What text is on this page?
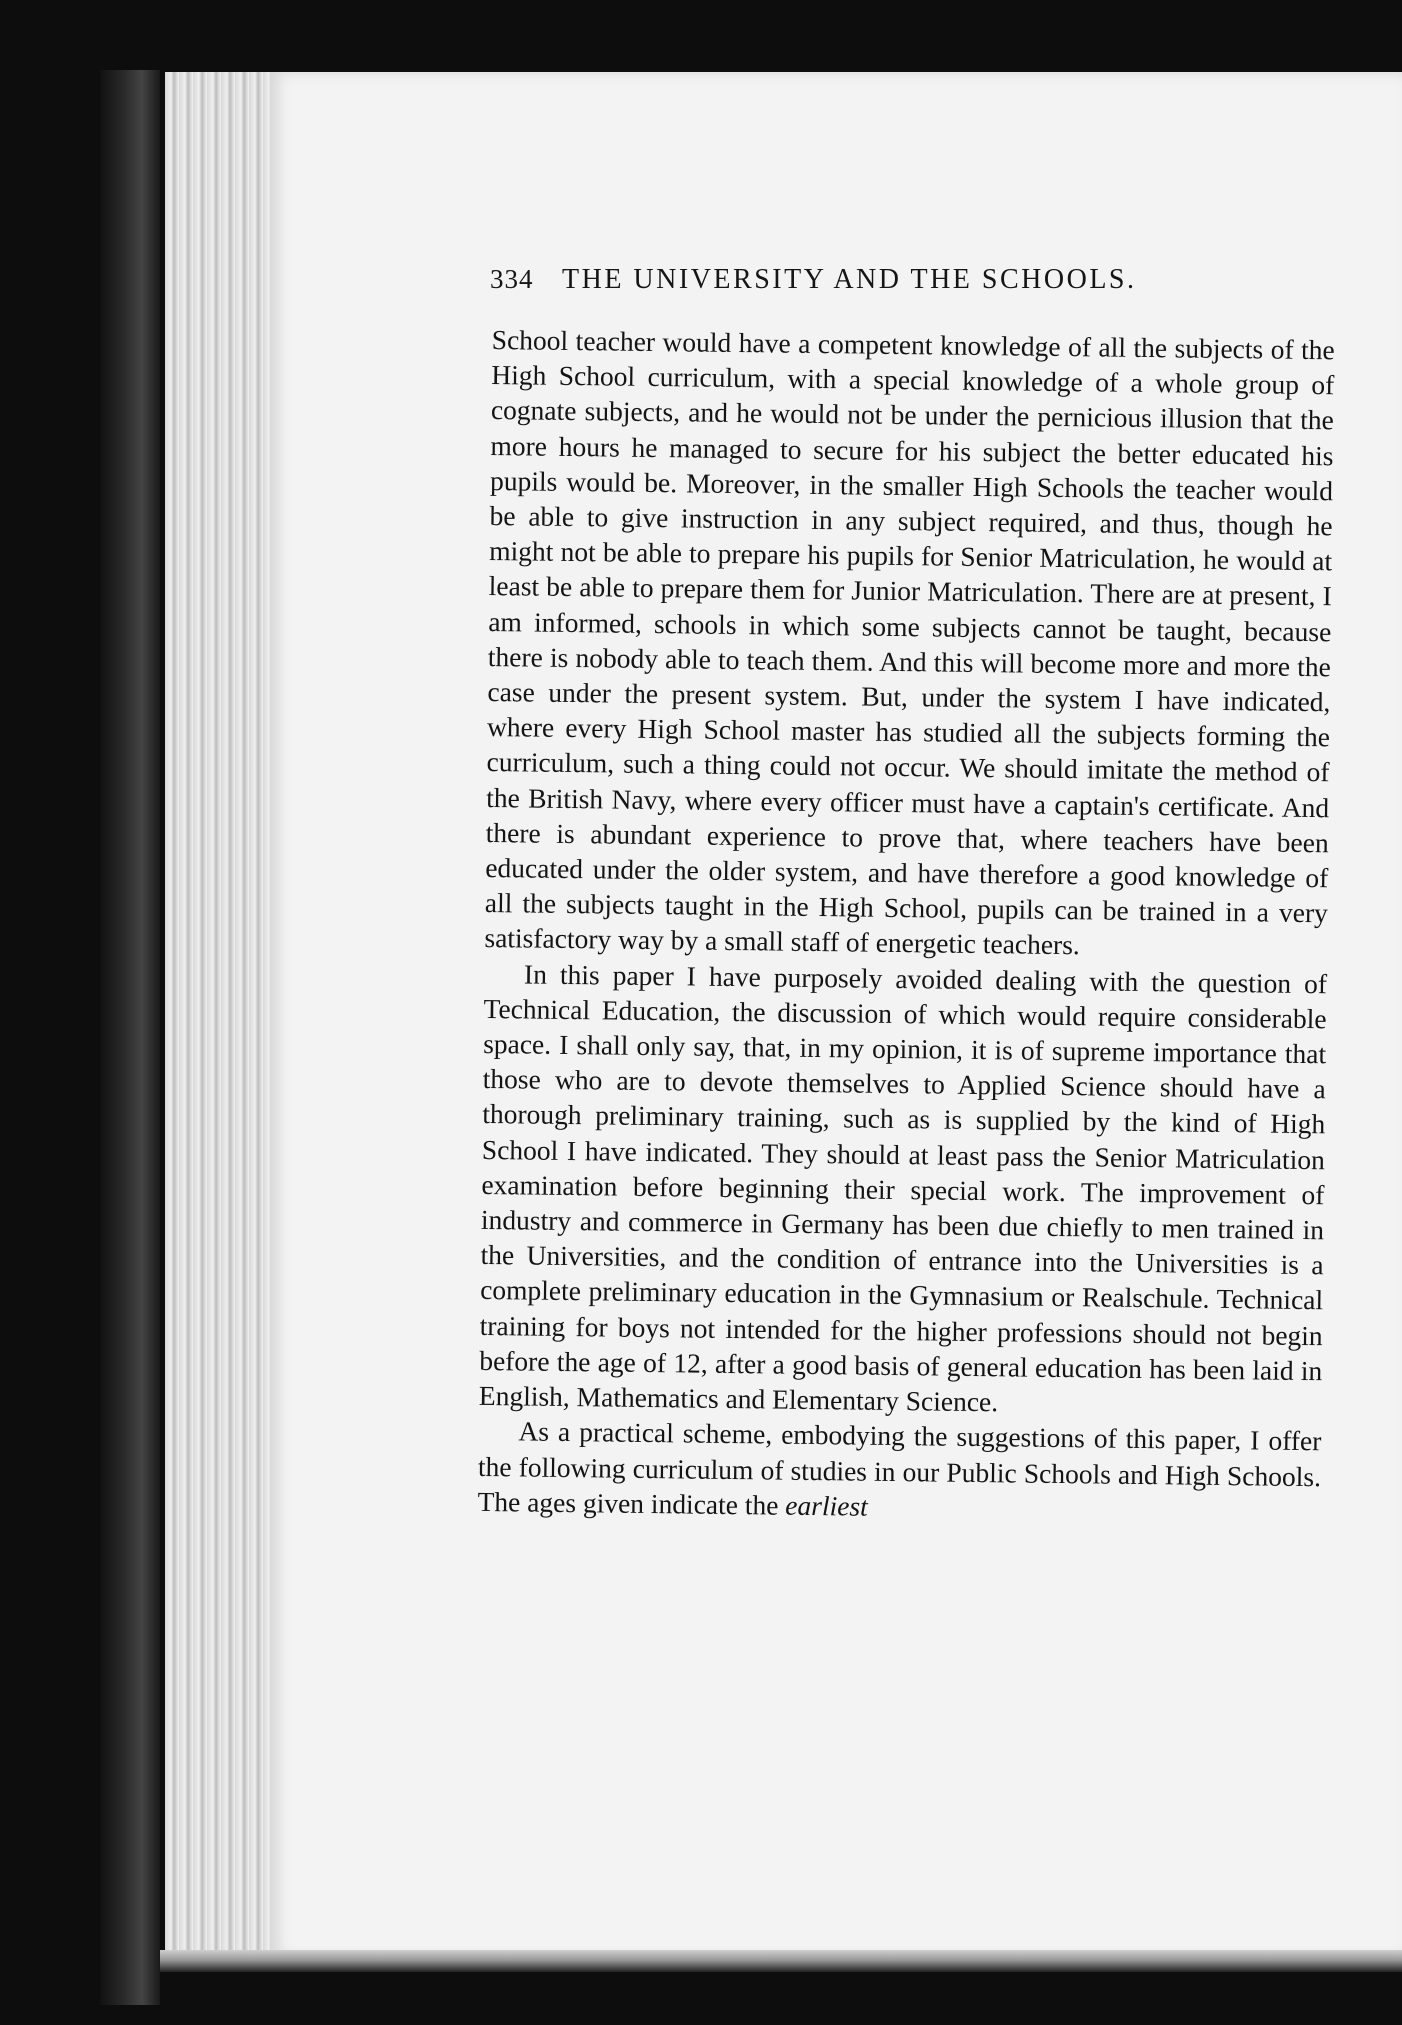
334	THE UNIVERSITY AND THE SCHOOLS.

School teacher would have a competent knowledge of all the subjects of the High School curriculum, with a special knowledge of a whole group of cognate subjects, and he would not be under the pernicious illusion that the more hours he managed to secure for his subject the better educated his pupils would be. Moreover, in the smaller High Schools the teacher would be able to give instruction in any subject required, and thus, though he might not be able to prepare his pupils for Senior Matriculation, he would at least be able to prepare them for Junior Matriculation. There are at present, I am informed, schools in which some subjects cannot be taught, because there is nobody able to teach them. And this will become more and more the case under the present system. But, under the system I have indicated, where every High School master has studied all the subjects forming the curriculum, such a thing could not occur. We should imitate the method of the British Navy, where every officer must have a captain's certificate. And there is abundant experience to prove that, where teachers have been educated under the older system, and have therefore a good knowledge of all the subjects taught in the High School, pupils can be trained in a very satisfactory way by a small staff of energetic teachers.

In this paper I have purposely avoided dealing with the question of Technical Education, the discussion of which would require considerable space. I shall only say, that, in my opinion, it is of supreme importance that those who are to devote themselves to Applied Science should have a thorough preliminary training, such as is supplied by the kind of High School I have indicated. They should at least pass the Senior Matriculation examination before beginning their special work. The improvement of industry and commerce in Germany has been due chiefly to men trained in the Universities, and the condition of entrance into the Universities is a complete preliminary education in the Gymnasium or Realschule. Technical training for boys not intended for the higher professions should not begin before the age of 12, after a good basis of general education has been laid in English, Mathematics and Elementary Science.

As a practical scheme, embodying the suggestions of this paper, I offer the following curriculum of studies in our Public Schools and High Schools. The ages given indicate the earliest
